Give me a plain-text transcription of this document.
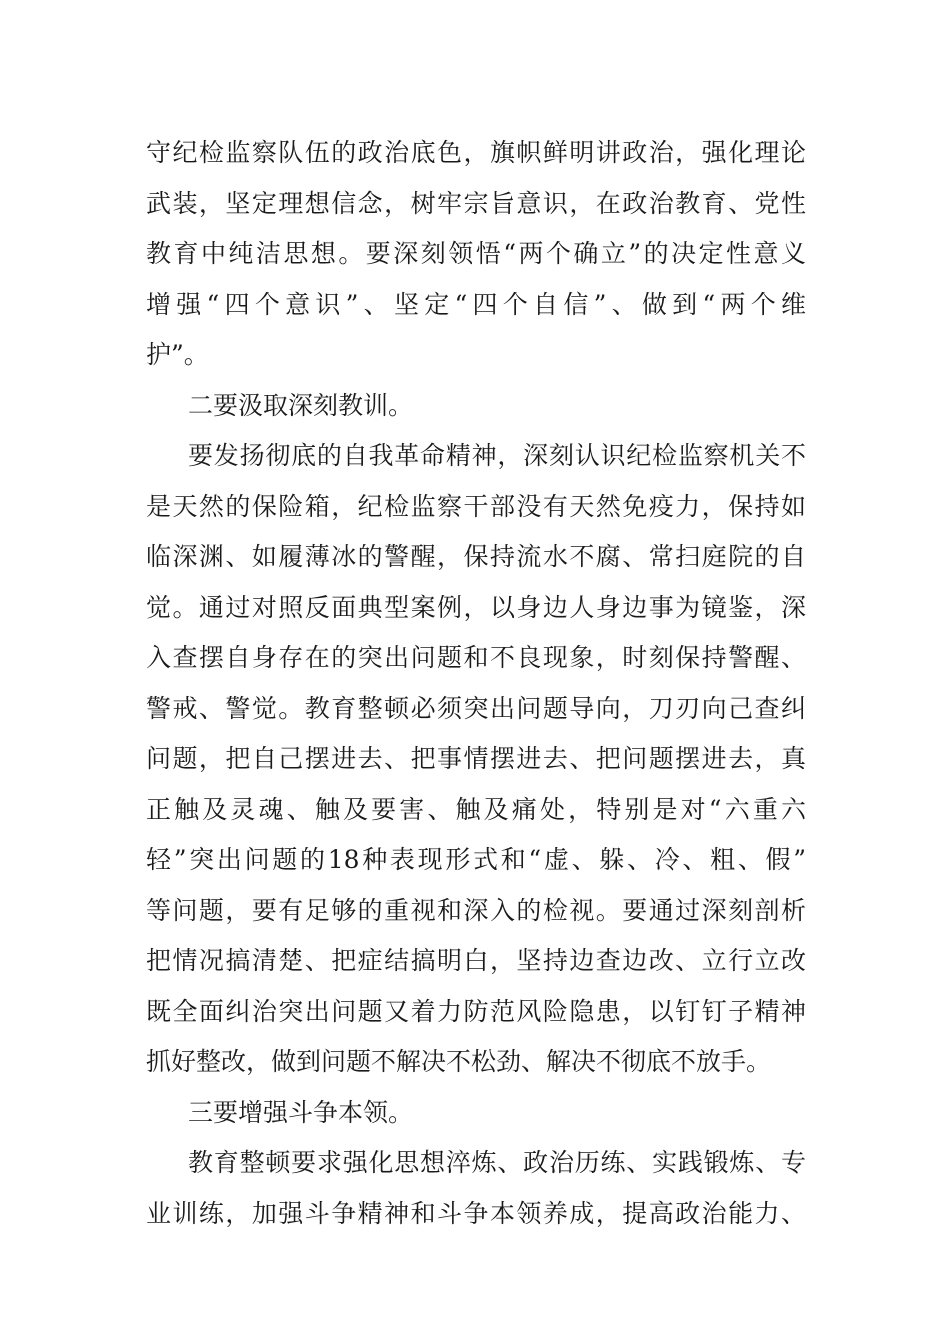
守纪检监察队伍的政治底色，旗帜鲜明讲政治，强化理论
武装，坚定理想信念，树牢宗旨意识，在政治教育、党性
教育中纯洁思想。要深刻领悟“两个确立”的决定性意义
增强“四个意识”、坚定“四个自信”、做到“两个维
护”。
二要汲取深刻教训。
要发扬彻底的自我革命精神，深刻认识纪检监察机关不
是天然的保险箱，纪检监察干部没有天然免疫力，保持如
临深渊、如履薄冰的警醒，保持流水不腐、常扫庭院的自
觉。通过对照反面典型案例，以身边人身边事为镜鉴，深
入查摆自身存在的突出问题和不良现象，时刻保持警醒、
警戒、警觉。教育整顿必须突出问题导向，刀刃向己查纠
问题，把自己摆进去、把事情摆进去、把问题摆进去，真
正触及灵魂、触及要害、触及痛处，特别是对“六重六
轻”突出问题的18种表现形式和“虚、躲、冷、粗、假”
等问题，要有足够的重视和深入的检视。要通过深刻剖析
把情况搞清楚、把症结搞明白，坚持边查边改、立行立改
既全面纠治突出问题又着力防范风险隐患，以钉钉子精神
抓好整改，做到问题不解决不松劲、解决不彻底不放手。
三要增强斗争本领。
教育整顿要求强化思想淬炼、政治历练、实践锻炼、专
业训练，加强斗争精神和斗争本领养成，提高政治能力、
